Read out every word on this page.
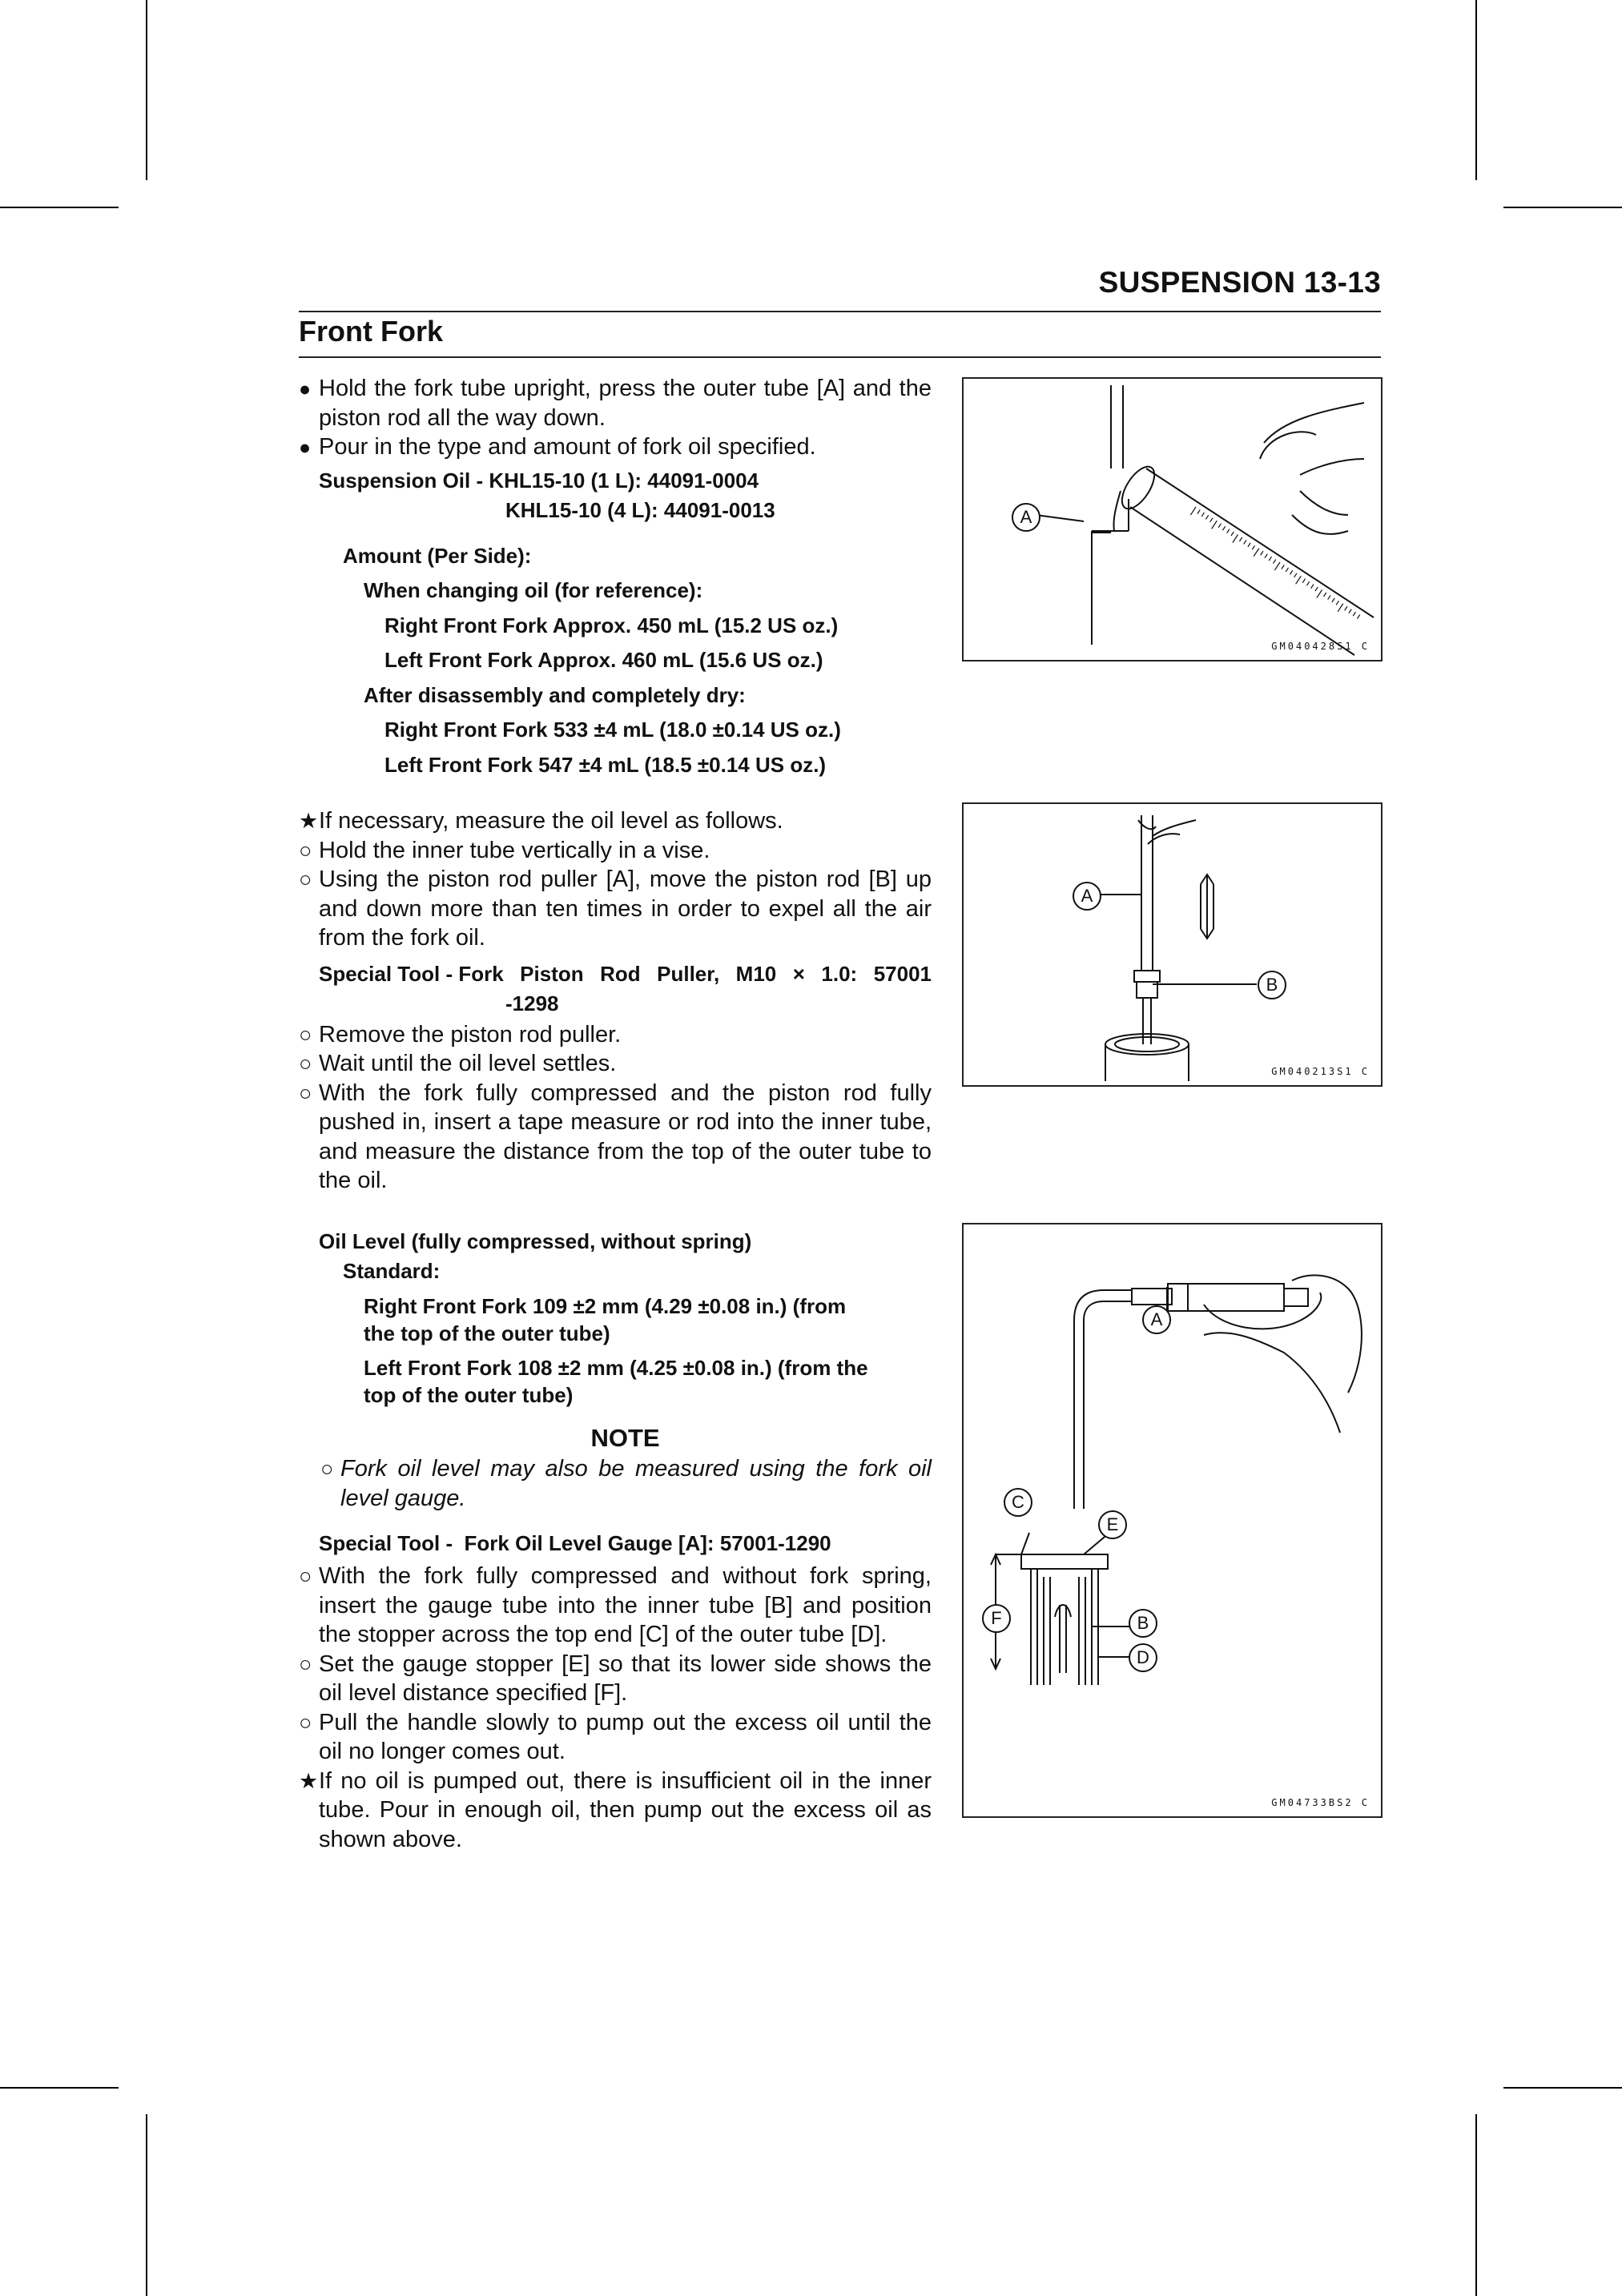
SUSPENSION 13-13
Front Fork
● Hold the fork tube upright, press the outer tube [A] and the piston rod all the way down.
● Pour in the type and amount of fork oil specified.
Suspension Oil - KHL15-10 (1 L): 44091-0004
KHL15-10 (4 L): 44091-0013
Amount (Per Side):
When changing oil (for reference):
Right Front Fork Approx. 450 mL (15.2 US oz.)
Left Front Fork Approx. 460 mL (15.6 US oz.)
After disassembly and completely dry:
Right Front Fork 533 ±4 mL (18.0 ±0.14 US oz.)
Left Front Fork 547 ±4 mL (18.5 ±0.14 US oz.)
★ If necessary, measure the oil level as follows.
○ Hold the inner tube vertically in a vise.
○ Using the piston rod puller [A], move the piston rod [B] up and down more than ten times in order to expel all the air from the fork oil.
Special Tool - Fork Piston Rod Puller, M10 × 1.0: 57001
-1298
○ Remove the piston rod puller.
○ Wait until the oil level settles.
○ With the fork fully compressed and the piston rod fully pushed in, insert a tape measure or rod into the inner tube, and measure the distance from the top of the outer tube to the oil.
Oil Level (fully compressed, without spring)
Standard:
Right Front Fork 109 ±2 mm (4.29 ±0.08 in.) (from
the top of the outer tube)
Left Front Fork 108 ±2 mm (4.25 ±0.08 in.) (from the
top of the outer tube)
NOTE
○ Fork oil level may also be measured using the fork oil level gauge.
Special Tool -  Fork Oil Level Gauge [A]: 57001-1290
○ With the fork fully compressed and without fork spring, insert the gauge tube into the inner tube [B] and position the stopper across the top end [C] of the outer tube [D].
○ Set the gauge stopper [E] so that its lower side shows the oil level distance specified [F].
○ Pull the handle slowly to pump out the excess oil until the oil no longer comes out.
★ If no oil is pumped out, there is insufficient oil in the inner tube. Pour in enough oil, then pump out the excess oil as shown above.
A
GM040428S1 C
A
B
GM040213S1 C
A
C
E
F	B
D
GM04733BS2 C
